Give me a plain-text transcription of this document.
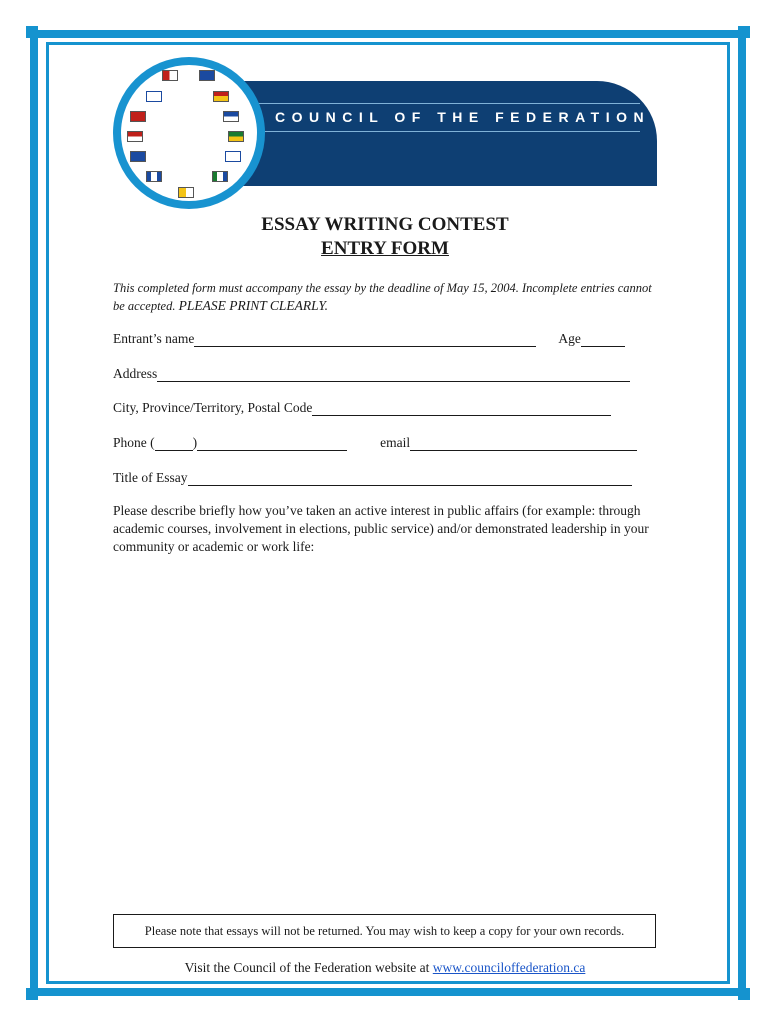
COUNCIL OF THE FEDERATION
ESSAY WRITING CONTEST
ENTRY FORM
This completed form must accompany the essay by the deadline of May 15, 2004. Incomplete entries cannot be accepted. PLEASE PRINT CLEARLY.
Entrant’s name	Age
Address
City, Province/Territory, Postal Code
Phone (	)	email
Title of Essay
Please describe briefly how you’ve taken an active interest in public affairs (for example: through academic courses, involvement in elections, public service) and/or demonstrated leadership in your community or academic or work life:
Please note that essays will not be returned. You may wish to keep a copy for your own records.
Visit the Council of the Federation website at www.counciloffederation.ca
